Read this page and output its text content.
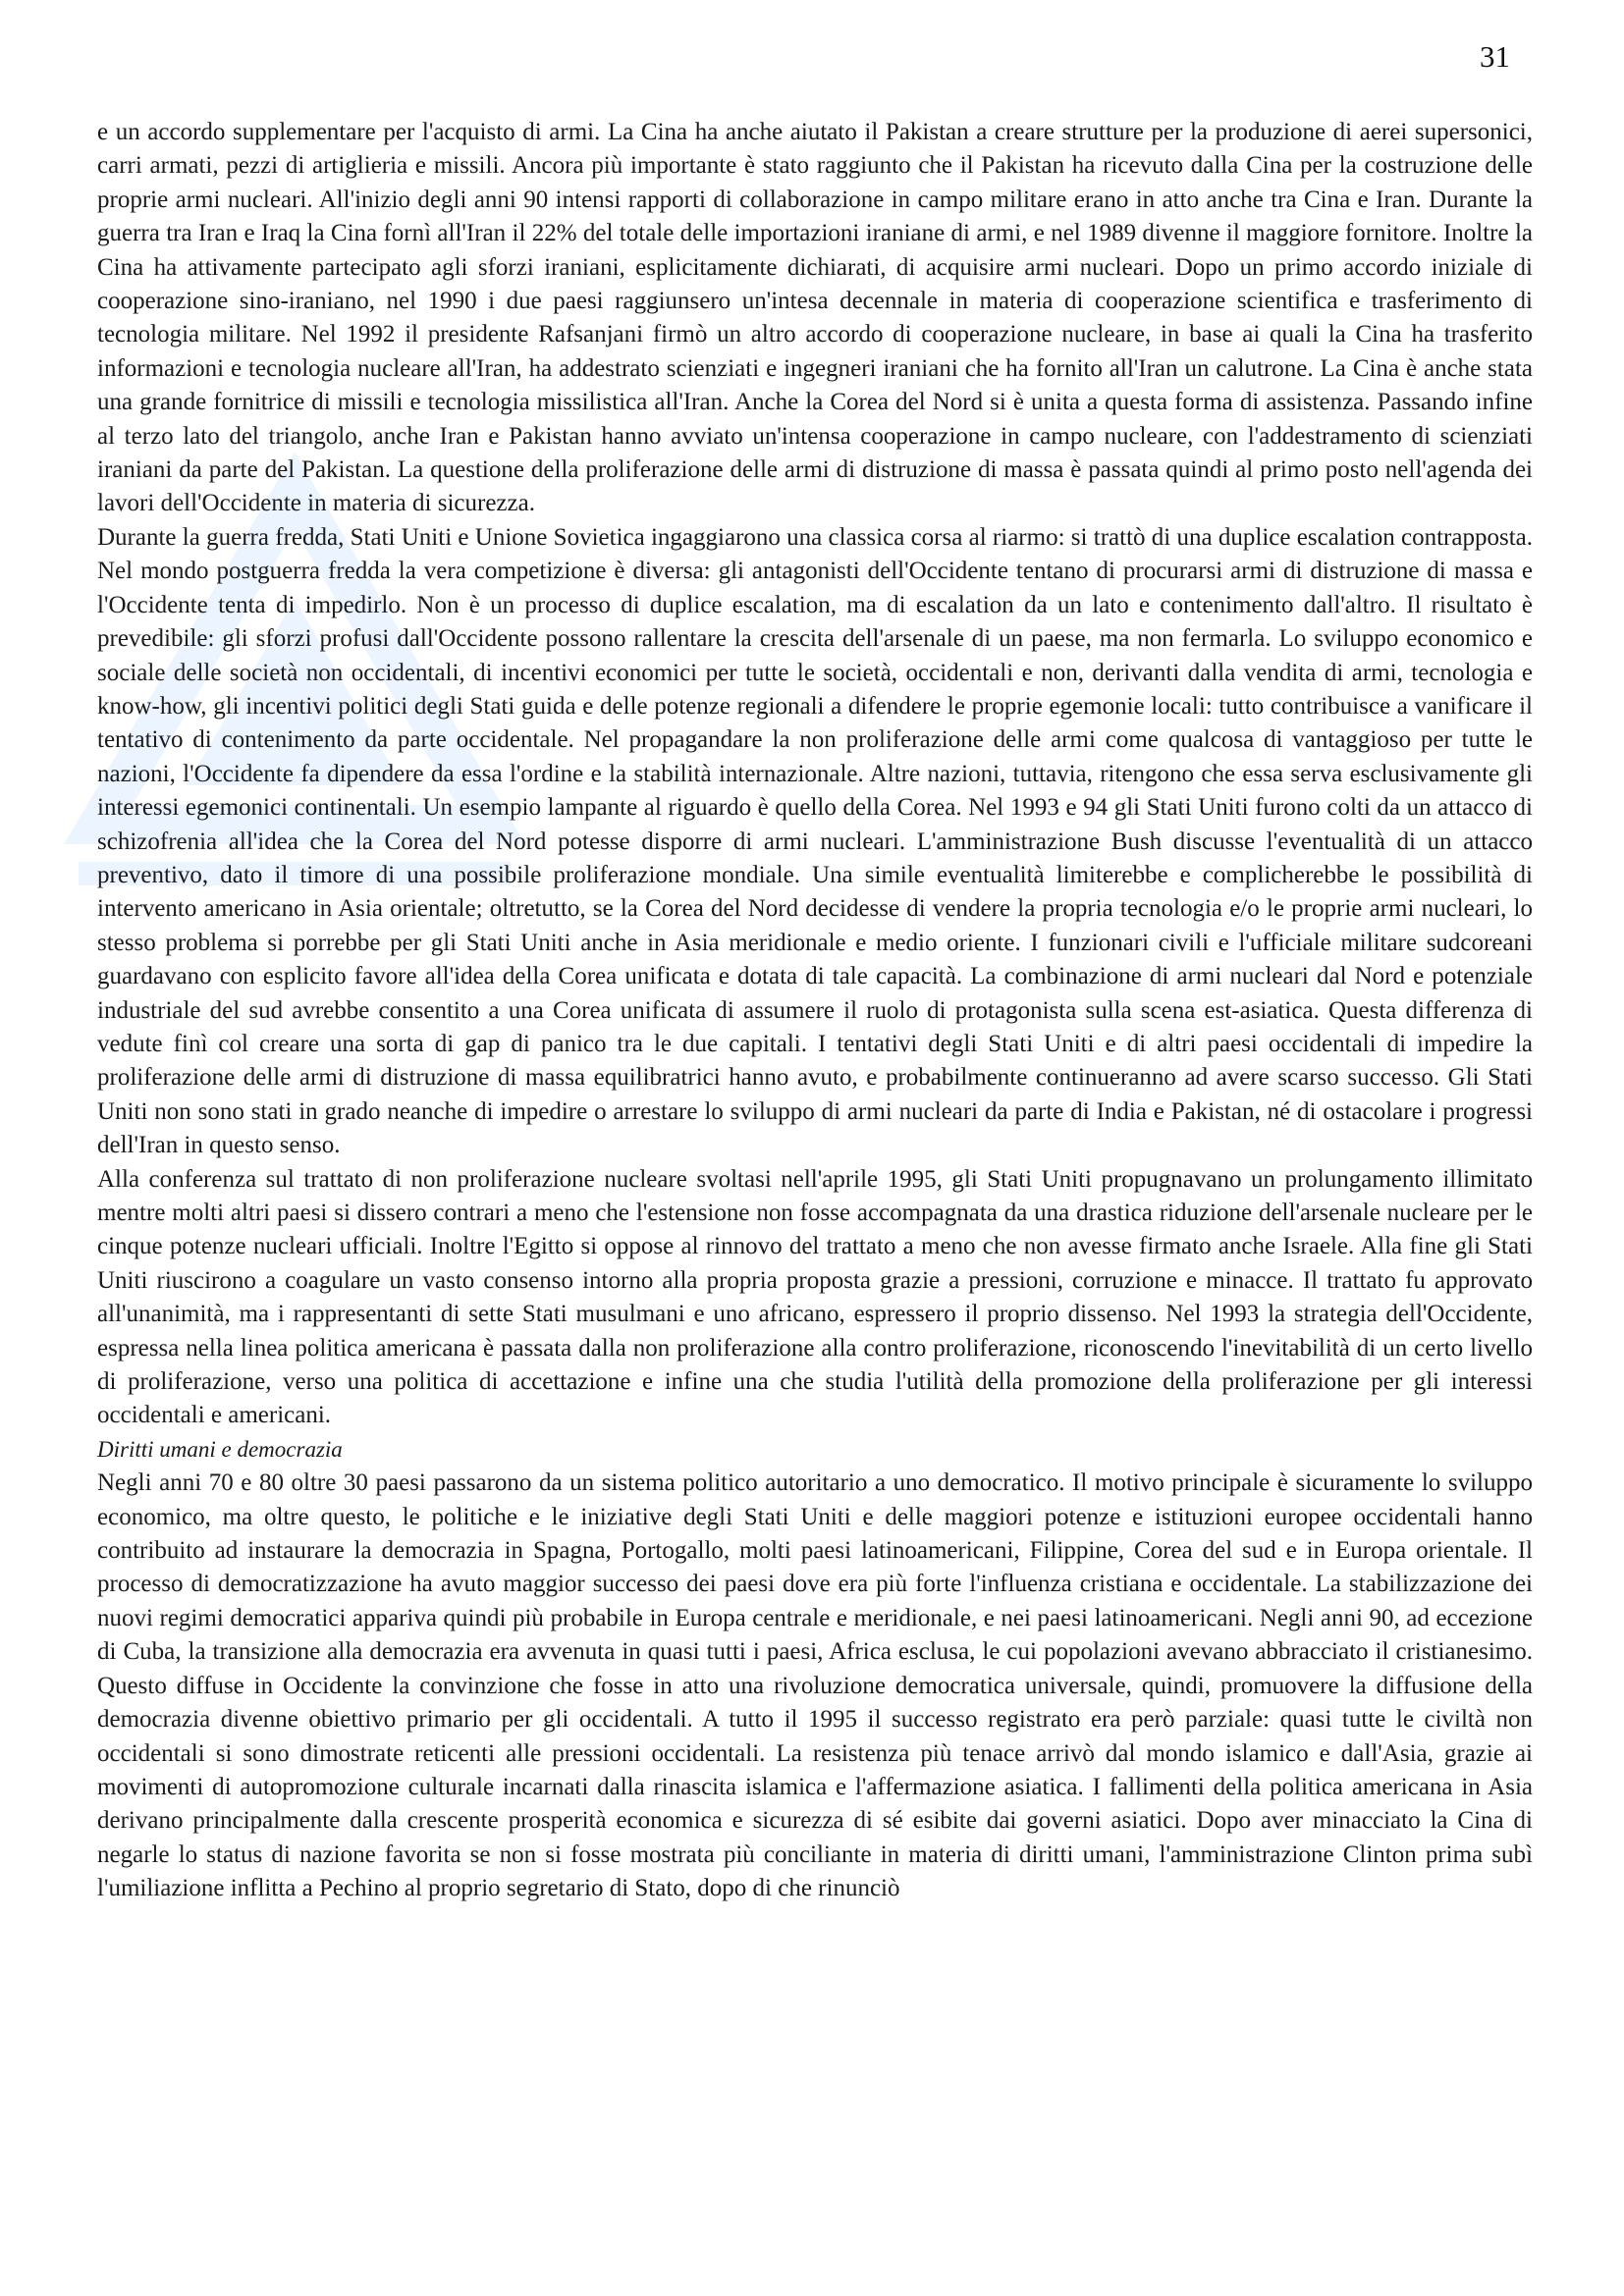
31

e un accordo supplementare per l'acquisto di armi. La Cina ha anche aiutato il Pakistan a creare strutture per la produzione di aerei supersonici, carri armati, pezzi di artiglieria e missili. Ancora più importante è stato raggiunto che il Pakistan ha ricevuto dalla Cina per la costruzione delle proprie armi nucleari. All'inizio degli anni 90 intensi rapporti di collaborazione in campo militare erano in atto anche tra Cina e Iran. Durante la guerra tra Iran e Iraq la Cina fornì all'Iran il 22% del totale delle importazioni iraniane di armi, e nel 1989 divenne il maggiore fornitore. Inoltre la Cina ha attivamente partecipato agli sforzi iraniani, esplicitamente dichiarati, di acquisire armi nucleari. Dopo un primo accordo iniziale di cooperazione sino-iraniano, nel 1990 i due paesi raggiunsero un'intesa decennale in materia di cooperazione scientifica e trasferimento di tecnologia militare. Nel 1992 il presidente Rafsanjani firmò un altro accordo di cooperazione nucleare, in base ai quali la Cina ha trasferito informazioni e tecnologia nucleare all'Iran, ha addestrato scienziati e ingegneri iraniani che ha fornito all'Iran un calutrone. La Cina è anche stata una grande fornitrice di missili e tecnologia missilistica all'Iran. Anche la Corea del Nord si è unita a questa forma di assistenza. Passando infine al terzo lato del triangolo, anche Iran e Pakistan hanno avviato un'intensa cooperazione in campo nucleare, con l'addestramento di scienziati iraniani da parte del Pakistan. La questione della proliferazione delle armi di distruzione di massa è passata quindi al primo posto nell'agenda dei lavori dell'Occidente in materia di sicurezza.

Durante la guerra fredda, Stati Uniti e Unione Sovietica ingaggiarono una classica corsa al riarmo: si trattò di una duplice escalation contrapposta. Nel mondo postguerra fredda la vera competizione è diversa: gli antagonisti dell'Occidente tentano di procurarsi armi di distruzione di massa e l'Occidente tenta di impedirlo. Non è un processo di duplice escalation, ma di escalation da un lato e contenimento dall'altro. Il risultato è prevedibile: gli sforzi profusi dall'Occidente possono rallentare la crescita dell'arsenale di un paese, ma non fermarla. Lo sviluppo economico e sociale delle società non occidentali, di incentivi economici per tutte le società, occidentali e non, derivanti dalla vendita di armi, tecnologia e know-how, gli incentivi politici degli Stati guida e delle potenze regionali a difendere le proprie egemonie locali: tutto contribuisce a vanificare il tentativo di contenimento da parte occidentale. Nel propagandare la non proliferazione delle armi come qualcosa di vantaggioso per tutte le nazioni, l'Occidente fa dipendere da essa l'ordine e la stabilità internazionale. Altre nazioni, tuttavia, ritengono che essa serva esclusivamente gli interessi egemonici continentali. Un esempio lampante al riguardo è quello della Corea. Nel 1993 e 94 gli Stati Uniti furono colti da un attacco di schizofrenia all'idea che la Corea del Nord potesse disporre di armi nucleari. L'amministrazione Bush discusse l'eventualità di un attacco preventivo, dato il timore di una possibile proliferazione mondiale. Una simile eventualità limiterebbe e complicherebbe le possibilità di intervento americano in Asia orientale; oltretutto, se la Corea del Nord decidesse di vendere la propria tecnologia e/o le proprie armi nucleari, lo stesso problema si porrebbe per gli Stati Uniti anche in Asia meridionale e medio oriente. I funzionari civili e l'ufficiale militare sudcoreani guardavano con esplicito favore all'idea della Corea unificata e dotata di tale capacità. La combinazione di armi nucleari dal Nord e potenziale industriale del sud avrebbe consentito a una Corea unificata di assumere il ruolo di protagonista sulla scena est-asiatica. Questa differenza di vedute finì col creare una sorta di gap di panico tra le due capitali. I tentativi degli Stati Uniti e di altri paesi occidentali di impedire la proliferazione delle armi di distruzione di massa equilibratrici hanno avuto, e probabilmente continueranno ad avere scarso successo. Gli Stati Uniti non sono stati in grado neanche di impedire o arrestare lo sviluppo di armi nucleari da parte di India e Pakistan, né di ostacolare i progressi dell'Iran in questo senso.

Alla conferenza sul trattato di non proliferazione nucleare svoltasi nell'aprile 1995, gli Stati Uniti propugnavano un prolungamento illimitato mentre molti altri paesi si dissero contrari a meno che l'estensione non fosse accompagnata da una drastica riduzione dell'arsenale nucleare per le cinque potenze nucleari ufficiali. Inoltre l'Egitto si oppose al rinnovo del trattato a meno che non avesse firmato anche Israele. Alla fine gli Stati Uniti riuscirono a coagulare un vasto consenso intorno alla propria proposta grazie a pressioni, corruzione e minacce. Il trattato fu approvato all'unanimità, ma i rappresentanti di sette Stati musulmani e uno africano, espressero il proprio dissenso. Nel 1993 la strategia dell'Occidente, espressa nella linea politica americana è passata dalla non proliferazione alla contro proliferazione, riconoscendo l'inevitabilità di un certo livello di proliferazione, verso una politica di accettazione e infine una che studia l'utilità della promozione della proliferazione per gli interessi occidentali e americani.

Diritti umani e democrazia

Negli anni 70 e 80 oltre 30 paesi passarono da un sistema politico autoritario a uno democratico. Il motivo principale è sicuramente lo sviluppo economico, ma oltre questo, le politiche e le iniziative degli Stati Uniti e delle maggiori potenze e istituzioni europee occidentali hanno contribuito ad instaurare la democrazia in Spagna, Portogallo, molti paesi latinoamericani, Filippine, Corea del sud e in Europa orientale. Il processo di democratizzazione ha avuto maggior successo dei paesi dove era più forte l'influenza cristiana e occidentale. La stabilizzazione dei nuovi regimi democratici appariva quindi più probabile in Europa centrale e meridionale, e nei paesi latinoamericani. Negli anni 90, ad eccezione di Cuba, la transizione alla democrazia era avvenuta in quasi tutti i paesi, Africa esclusa, le cui popolazioni avevano abbracciato il cristianesimo. Questo diffuse in Occidente la convinzione che fosse in atto una rivoluzione democratica universale, quindi, promuovere la diffusione della democrazia divenne obiettivo primario per gli occidentali. A tutto il 1995 il successo registrato era però parziale: quasi tutte le civiltà non occidentali si sono dimostrate reticenti alle pressioni occidentali. La resistenza più tenace arrivò dal mondo islamico e dall'Asia, grazie ai movimenti di autopromozione culturale incarnati dalla rinascita islamica e l'affermazione asiatica. I fallimenti della politica americana in Asia derivano principalmente dalla crescente prosperità economica e sicurezza di sé esibite dai governi asiatici. Dopo aver minacciato la Cina di negarle lo status di nazione favorita se non si fosse mostrata più conciliante in materia di diritti umani, l'amministrazione Clinton prima subì l'umiliazione inflitta a Pechino al proprio segretario di Stato, dopo di che rinunciò
